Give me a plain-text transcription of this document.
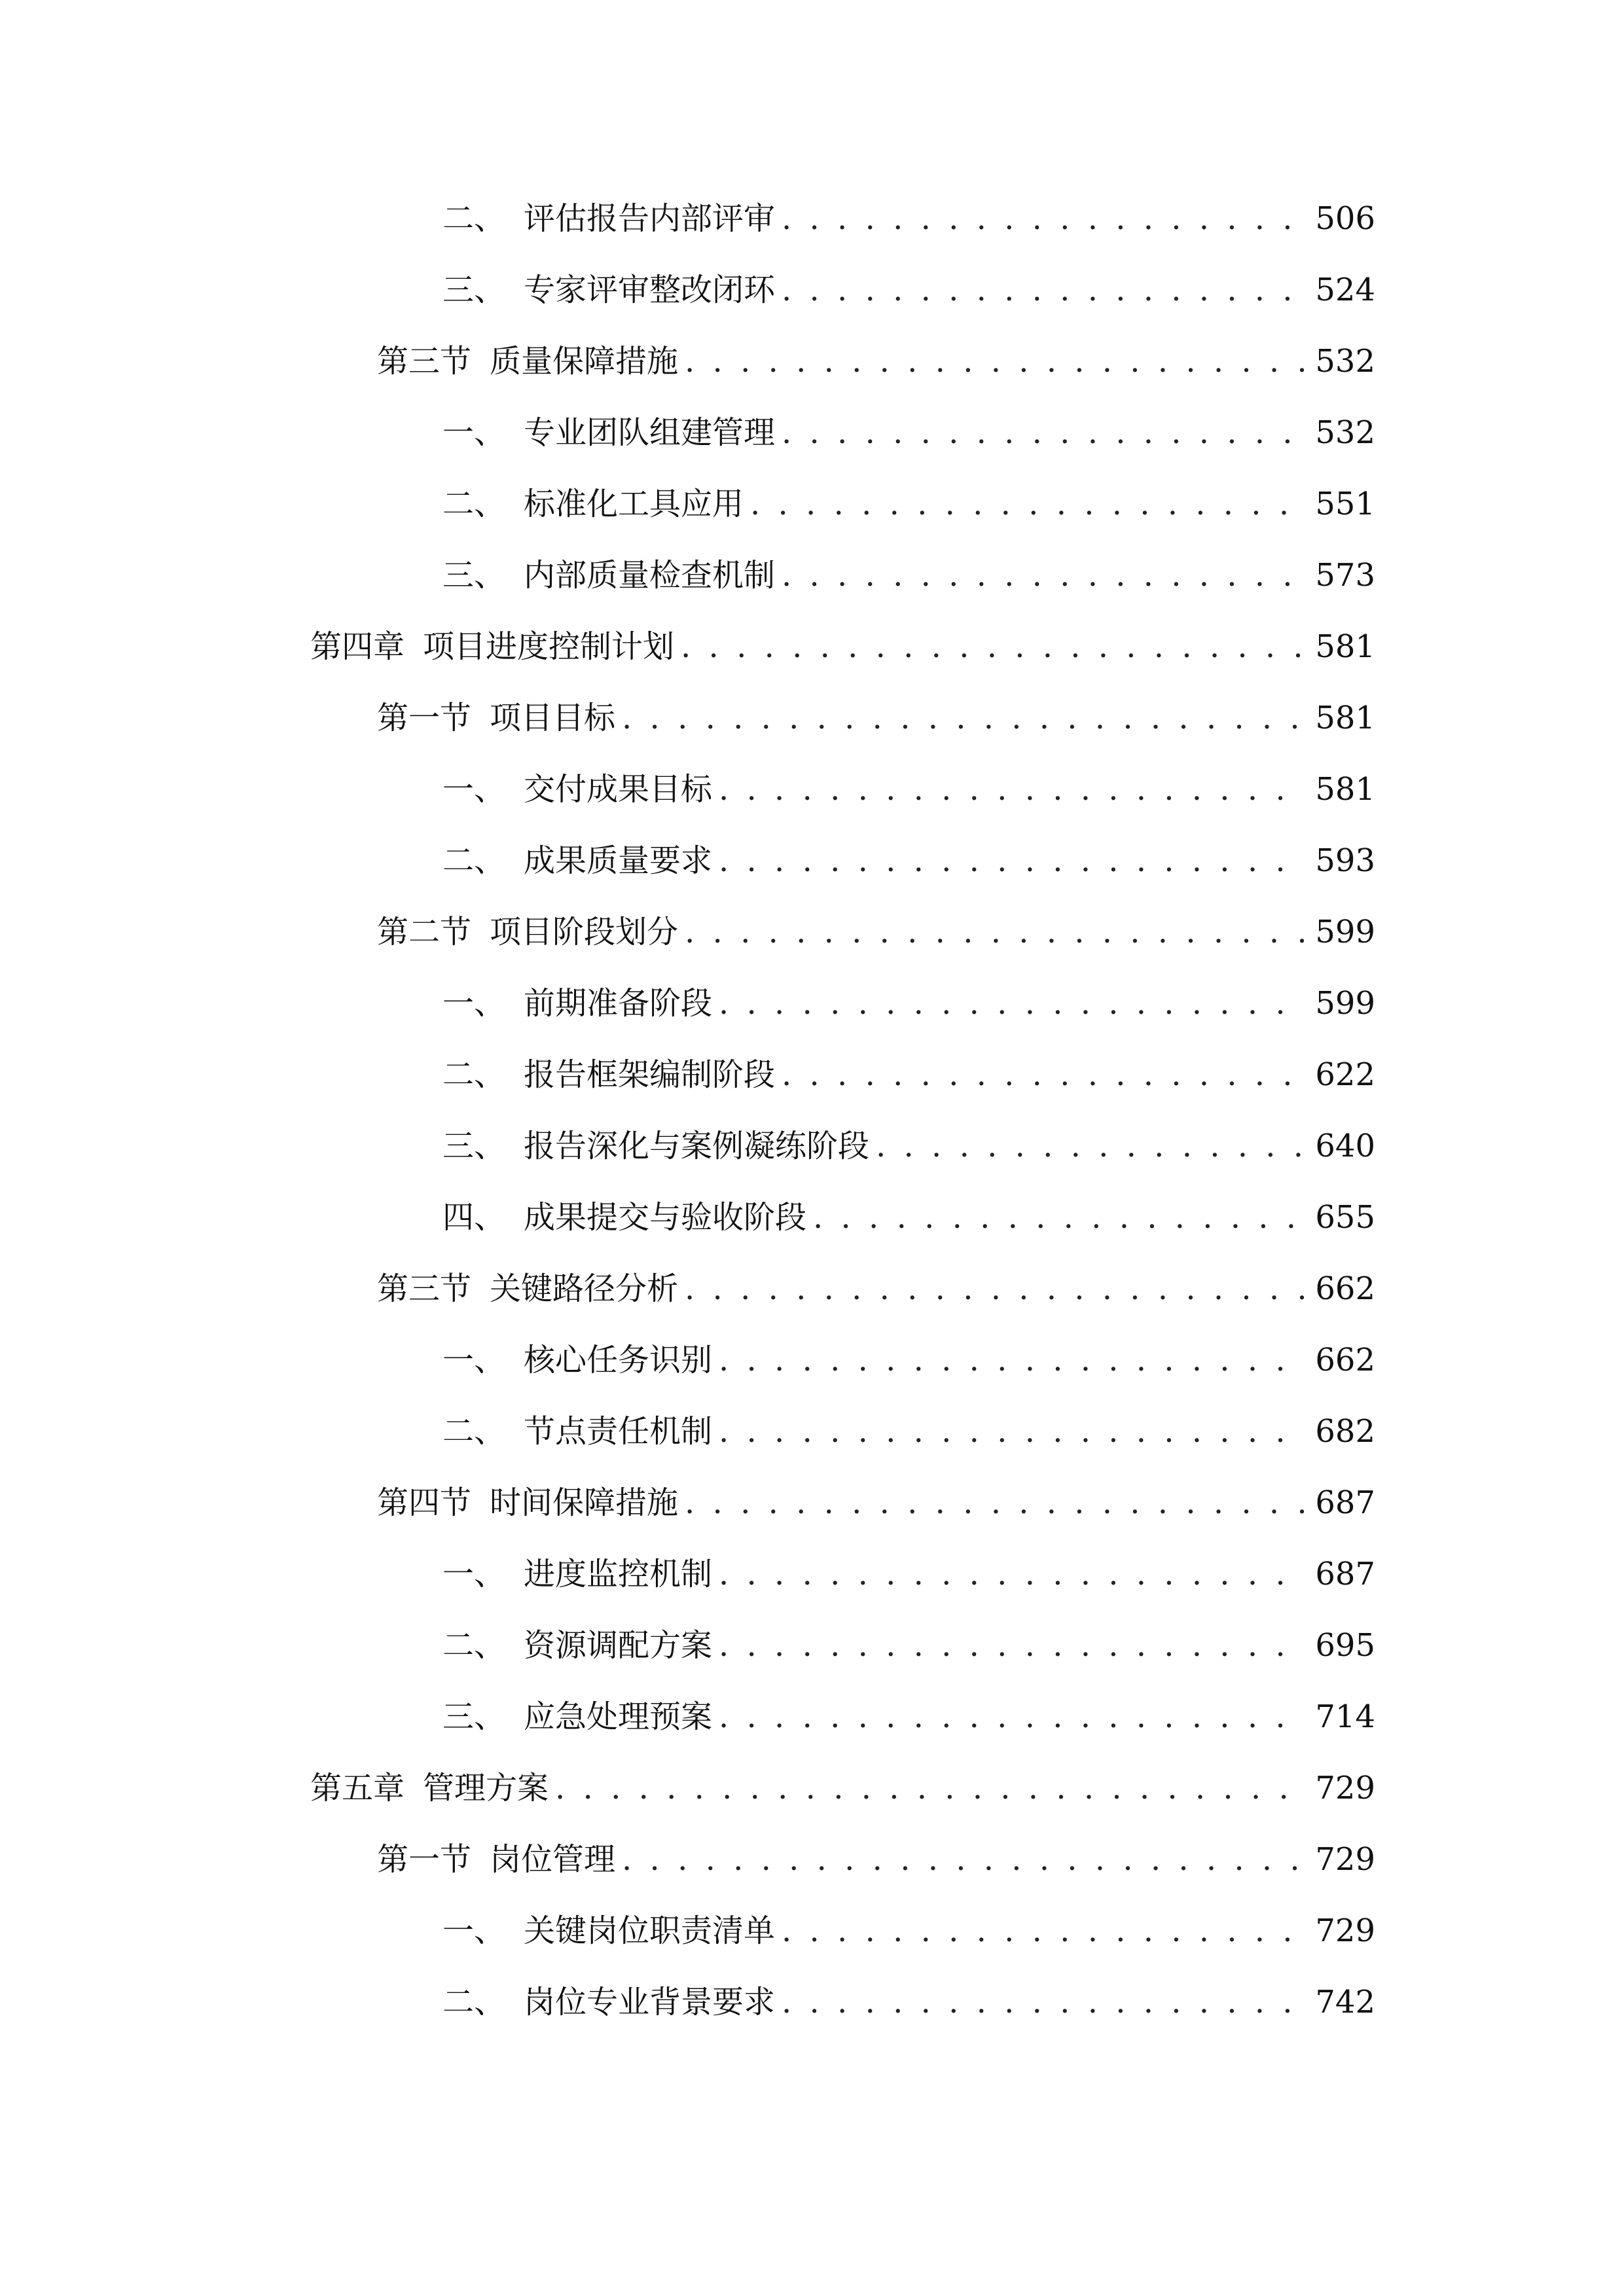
二、 评估报告内部评审 . . .	506
三、 专家评审整改闭环 . . .	524
第三节 质量保障措施 . . .	532
一、 专业团队组建管理 . . .	532
二、 标准化工具应用 . . .	551
三、 内部质量检查机制 . . .	573
第四章 项目进度控制计划 . . .	581
第一节 项目目标 . . .	581
一、 交付成果目标 . . .	581
二、 成果质量要求 . . .	593
第二节 项目阶段划分 . . .	599
一、 前期准备阶段 . . .	599
二、 报告框架编制阶段 . . .	622
三、 报告深化与案例凝练阶段 . . .	640
四、 成果提交与验收阶段 . . .	655
第三节 关键路径分析 . . .	662
一、 核心任务识别 . . .	662
二、 节点责任机制 . . .	682
第四节 时间保障措施 . . .	687
一、 进度监控机制 . . .	687
二、 资源调配方案 . . .	695
三、 应急处理预案 . . .	714
第五章 管理方案 . . .	729
第一节 岗位管理 . . .	729
一、 关键岗位职责清单 . . .	729
二、 岗位专业背景要求 . . .	742
